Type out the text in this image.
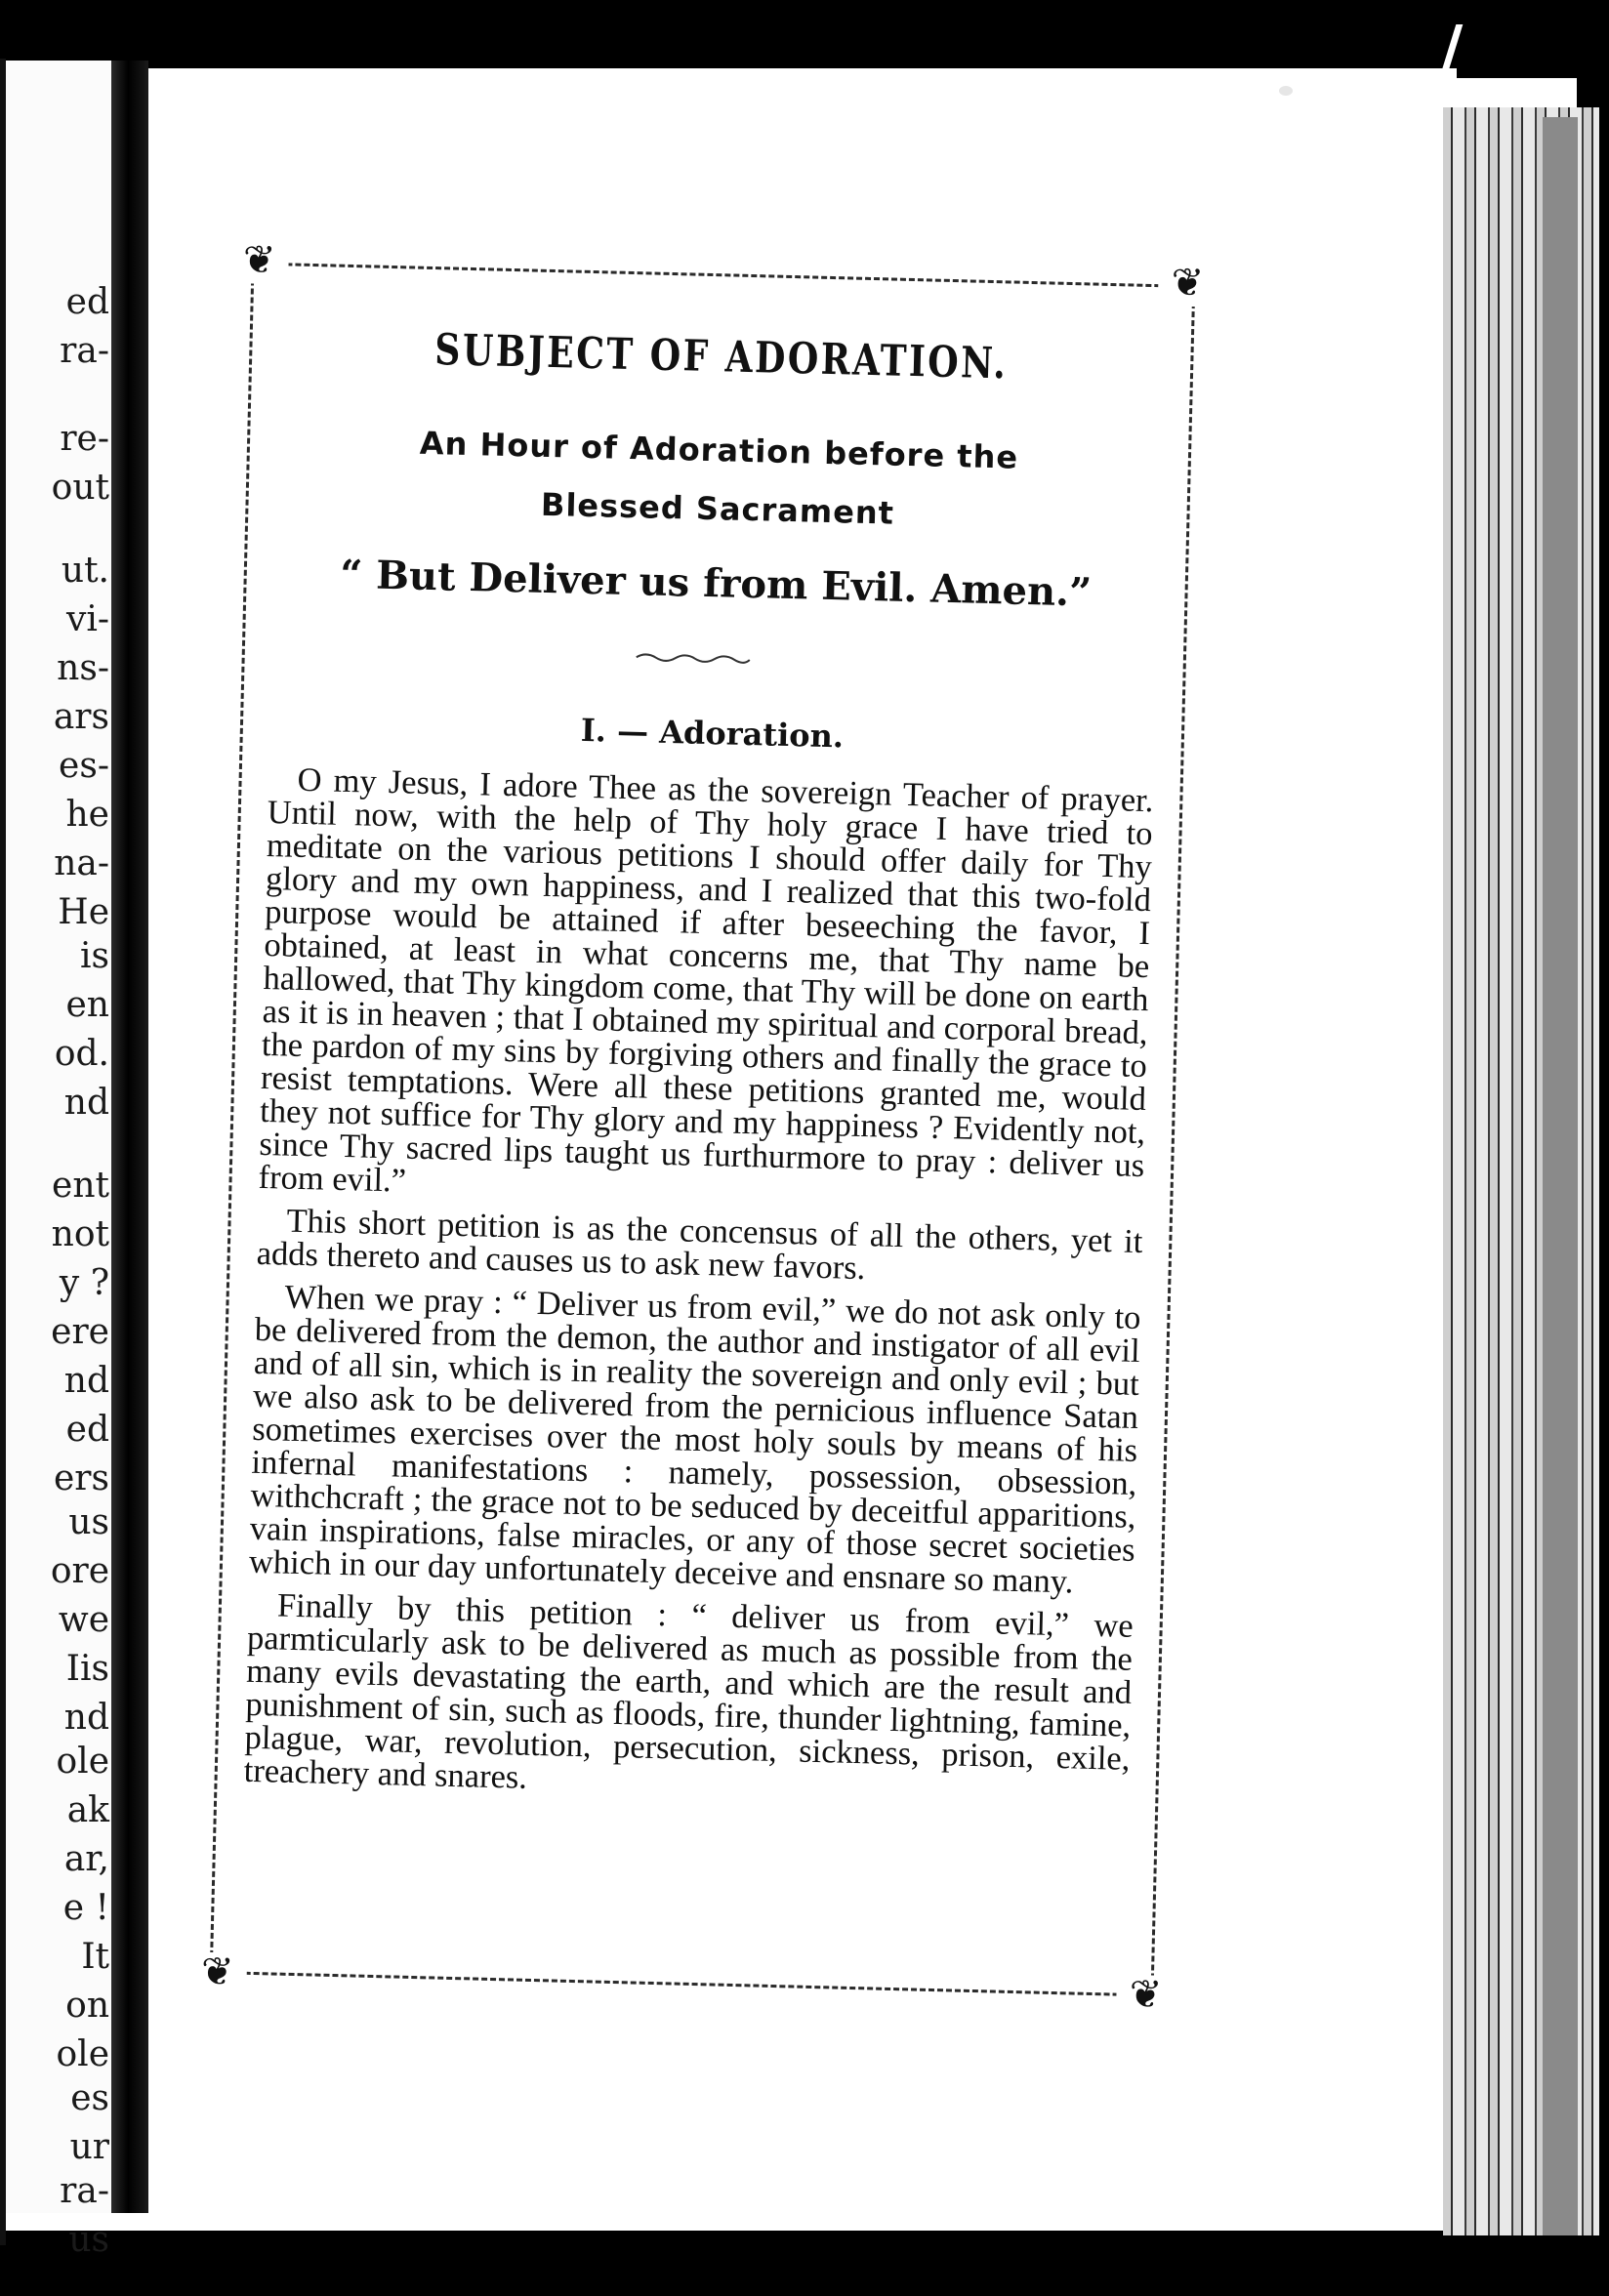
ed
ra-
re-
out
ut.
vi-
ns-
ars
es-
he
na-
He
is
en
od.
nd
ent
not
y ?
ere
nd
ed
ers
us
ore
we
Iis
nd
ole
ak
ar,
e !
It
on
ole
es
ur
ra-
us
/
❦	❦
❦	❦
SUBJECT OF ADORATION.
An Hour of Adoration before the
Blessed Sacrament
“ But Deliver us from Evil. Amen.”
I. — Adoration.

O my Jesus, I adore Thee as the sovereign Teacher of prayer. Until now, with the help of Thy holy grace I have tried to meditate on the various petitions I should offer daily for Thy glory and my own happiness, and I realized that this two-fold purpose would be attained if after beseeching the favor, I obtained, at least in what concerns me, that Thy name be hallowed, that Thy kingdom come, that Thy will be done on earth as it is in heaven ; that I obtained my spiritual and corporal bread, the pardon of my sins by forgiving others and finally the grace to resist temptations. Were all these petitions granted me, would they not suffice for Thy glory and my happiness ? Evidently not, since Thy sacred lips taught us furthurmore to pray : deliver us from evil.”

This short petition is as the concensus of all the others, yet it adds thereto and causes us to ask new favors.

When we pray : “ Deliver us from evil,” we do not ask only to be delivered from the demon, the author and instigator of all evil and of all sin, which is in reality the sovereign and only evil ; but we also ask to be delivered from the pernicious influence Satan sometimes exercises over the most holy souls by means of his infernal manifestations : namely, possession, obsession, withchcraft ; the grace not to be seduced by deceitful apparitions, vain inspirations, false miracles, or any of those secret societies which in our day unfortunately deceive and ensnare so many.

Finally by this petition : “ deliver us from evil,” we parmticularly ask to be delivered as much as possible from the many evils devastating the earth, and which are the result and punishment of sin, such as floods, fire, thunder lightning, famine, plague, war, revolution, persecution, sickness, prison, exile, treachery and snares.
